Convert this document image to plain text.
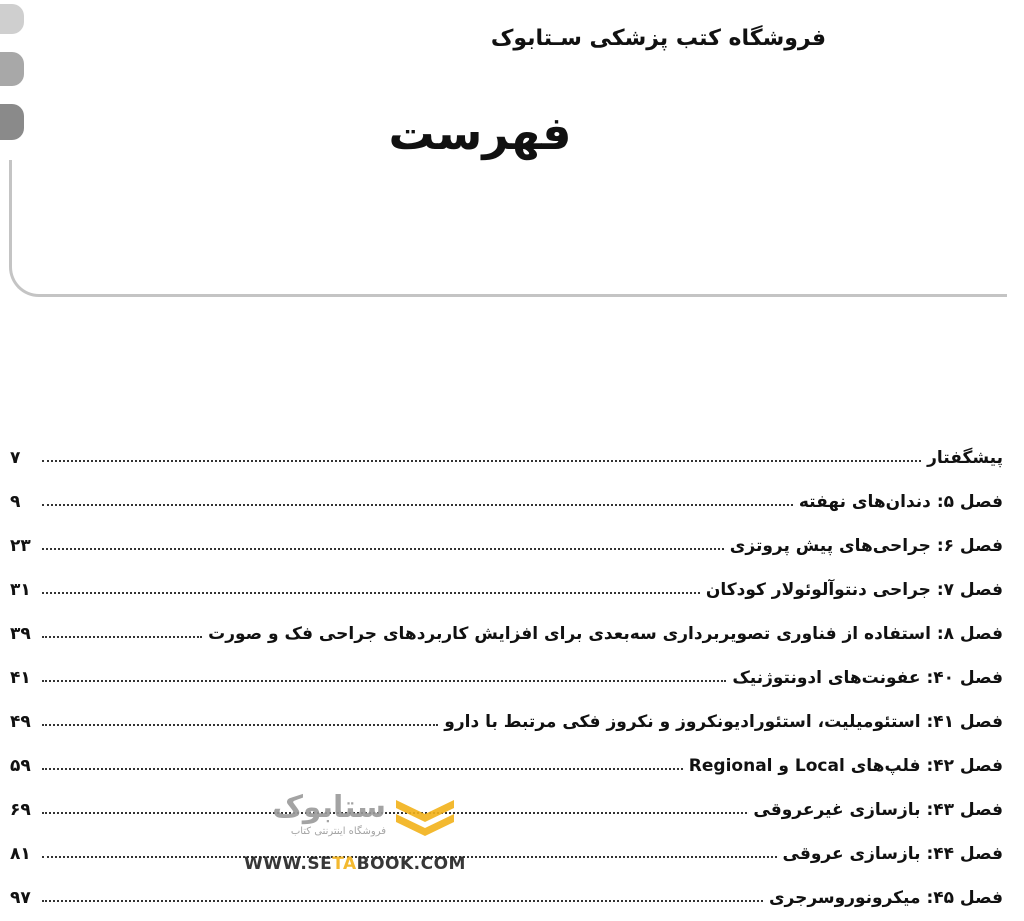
فروشگاه کتب پزشکی سـتابوک
فهرست
پیشگفتار
۷
فصل ۵: دندان‌های نهفته
۹
فصل ۶: جراحی‌های پیش پروتزی
۲۳
فصل ۷: جراحی دنتوآلوئولار کودکان
۳۱
فصل ۸: استفاده از فناوری تصویربرداری سه‌بعدی برای افزایش کاربردهای جراحی فک و صورت
۳۹
فصل ۴۰: عفونت‌های ادونتوژنیک
۴۱
فصل ۴۱: استئومیلیت، استئورادیونکروز و نکروز فکی مرتبط با دارو
۴۹
فصل ۴۲: فلپ‌های Local و Regional
۵۹
فصل ۴۳: بازسازی غیرعروقی
۶۹
فصل ۴۴: بازسازی عروقی
۸۱
فصل ۴۵: میکرونوروسرجری
۹۷
ستابوک
فروشگاه اینترنتی کتاب
WWW.SETABOOK.COM
